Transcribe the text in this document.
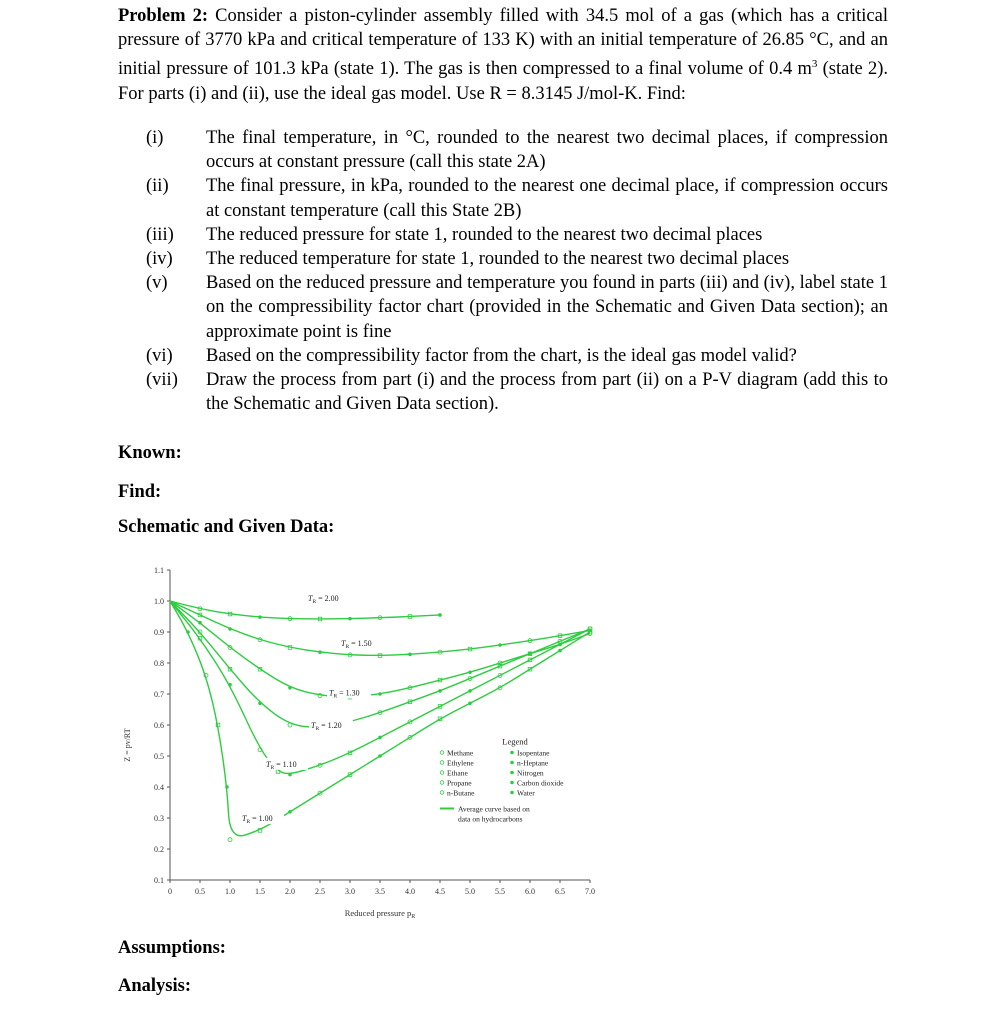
Problem 2: Consider a piston-cylinder assembly filled with 34.5 mol of a gas (which has a critical pressure of 3770 kPa and critical temperature of 133 K) with an initial temperature of 26.85 °C, and an initial pressure of 101.3 kPa (state 1). The gas is then compressed to a final volume of 0.4 $m^3$ (state 2). For parts (i) and (ii), use the ideal gas model. Use R = 8.3145 J/mol-K. Find:

(i)	The final temperature, in °C, rounded to the nearest two decimal places, if compression occurs at constant pressure (call this state 2A)
(ii)	The final pressure, in kPa, rounded to the nearest one decimal place, if compression occurs at constant temperature (call this State 2B)
(iii)	The reduced pressure for state 1, rounded to the nearest two decimal places
(iv)	The reduced temperature for state 1, rounded to the nearest two decimal places
(v)	Based on the reduced pressure and temperature you found in parts (iii) and (iv), label state 1 on the compressibility factor chart (provided in the Schematic and Given Data section); an approximate point is fine
(vi)	Based on the compressibility factor from the chart, is the ideal gas model valid?
(vii)	Draw the process from part (i) and the process from part (ii) on a P-V diagram (add this to the Schematic and Given Data section).
Known:
Find:
Schematic and Given Data:
Assumptions:
Analysis:
0	0.5	1.0	1.5	2.0	2.5	3.0	3.5	4.0	4.5	5.0	5.5	6.0	6.5	7.0
0.1
0.2
0.3
0.4
0.5
0.6
0.7
0.8
0.9
1.0
1.1
Reduced pressure $p_R$
Z = pv/RT
$T_R = 2.00$
$T_R = 1.50$
$T_R = 1.30$
$T_R = 1.20$
$T_R = 1.10$
$T_R = 1.00$
Legend
Methane
Ethylene
Ethane
Propane
n-Butane
Isopentane
n-Heptane
Nitrogen
Carbon dioxide
Water
Average curve based on
data on hydrocarbons
